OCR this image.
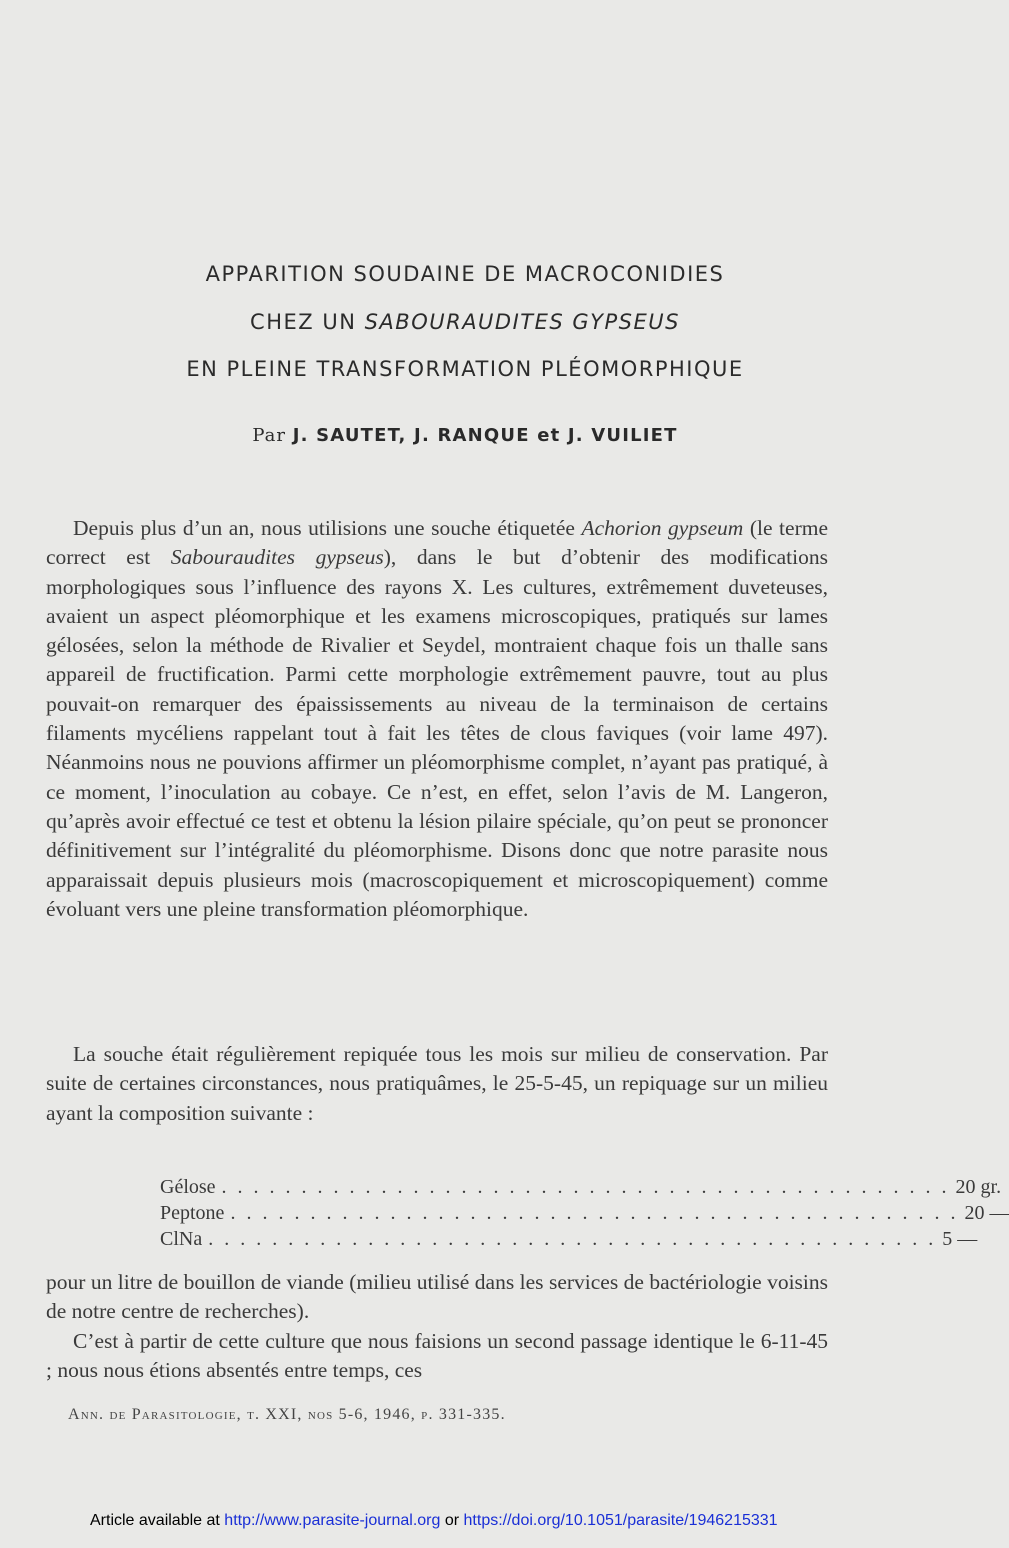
APPARITION SOUDAINE DE MACROCONIDIES
CHEZ UN SABOURAUDITES GYPSEUS
EN PLEINE TRANSFORMATION PLÉOMORPHIQUE
Par J. SAUTET, J. RANQUE et J. VUILIET

Depuis plus d’un an, nous utilisions une souche étiquetée Achorion gypseum (le terme correct est Sabouraudites gypseus), dans le but d’obtenir des modifications morphologiques sous l’influence des rayons X. Les cultures, extrêmement duveteuses, avaient un aspect pléomorphique et les examens microscopiques, pratiqués sur lames gélosées, selon la méthode de Rivalier et Seydel, montraient chaque fois un thalle sans appareil de fructification. Parmi cette morphologie extrêmement pauvre, tout au plus pouvait-on remarquer des épaississements au niveau de la terminaison de certains filaments mycéliens rappelant tout à fait les têtes de clous faviques (voir lame 497). Néanmoins nous ne pouvions affirmer un pléomorphisme complet, n’ayant pas pratiqué, à ce moment, l’inoculation au cobaye. Ce n’est, en effet, selon l’avis de M. Langeron, qu’après avoir effectué ce test et obtenu la lésion pilaire spéciale, qu’on peut se prononcer définitivement sur l’intégralité du pléomorphisme. Disons donc que notre parasite nous apparaissait depuis plusieurs mois (macroscopiquement et microscopiquement) comme évoluant vers une pleine transformation pléomorphique.

La souche était régulièrement repiquée tous les mois sur milieu de conservation. Par suite de certaines circonstances, nous pratiquâmes, le 25-5-45, un repiquage sur un milieu ayant la composition suivante :

Gélose . . . . . . . . . . . . . . . . . . . . . . . . . . . . . . . . . . . . . . . . . . . . . . 20 gr.
Peptone . . . . . . . . . . . . . . . . . . . . . . . . . . . . . . . . . . . . . . . . . . . . . . 20 —
ClNa . . . . . . . . . . . . . . . . . . . . . . . . . . . . . . . . . . . . . . . . . . . . . . 5 —

pour un litre de bouillon de viande (milieu utilisé dans les services de bactériologie voisins de notre centre de recherches).

C’est à partir de cette culture que nous faisions un second passage identique le 6-11-45 ; nous nous étions absentés entre temps, ces

Ann. de Parasitologie, t. XXI, nos 5-6, 1946, p. 331-335.
Article available at http://www.parasite-journal.org or https://doi.org/10.1051/parasite/1946215331
